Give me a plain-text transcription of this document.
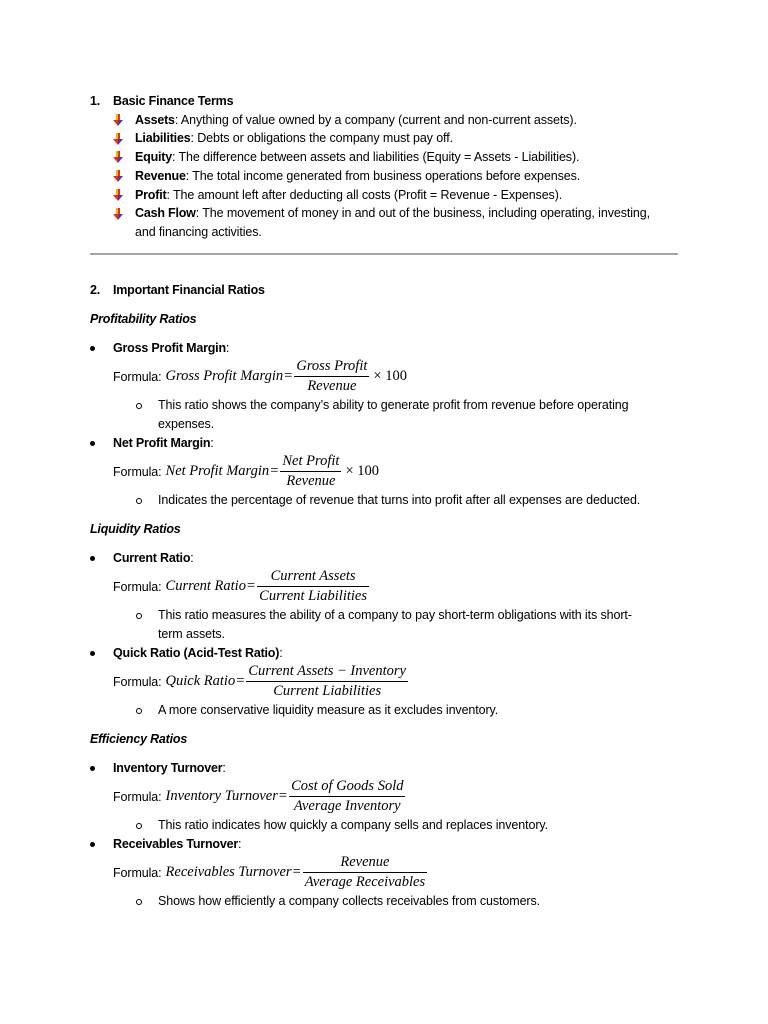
1. Basic Finance Terms
Assets: Anything of value owned by a company (current and non-current assets).
Liabilities: Debts or obligations the company must pay off.
Equity: The difference between assets and liabilities (Equity = Assets - Liabilities).
Revenue: The total income generated from business operations before expenses.
Profit: The amount left after deducting all costs (Profit = Revenue - Expenses).
Cash Flow: The movement of money in and out of the business, including operating, investing,
and financing activities.
2. Important Financial Ratios
Profitability Ratios
Gross Profit Margin:
Formula: Gross Profit Margin = $\frac{\text{Gross Profit}}{\text{Revenue}} \times 100$
This ratio shows the company’s ability to generate profit from revenue before operating
expenses.
Net Profit Margin:
Formula: Net Profit Margin = $\frac{\text{Net Profit}}{\text{Revenue}} \times 100$
Indicates the percentage of revenue that turns into profit after all expenses are deducted.
Liquidity Ratios
Current Ratio:
Formula: Current Ratio = $\frac{\text{Current Assets}}{\text{Current Liabilities}}$
This ratio measures the ability of a company to pay short-term obligations with its short-
term assets.
Quick Ratio (Acid-Test Ratio):
Formula: Quick Ratio = $\frac{\text{Current Assets − Inventory}}{\text{Current Liabilities}}$
A more conservative liquidity measure as it excludes inventory.
Efficiency Ratios
Inventory Turnover:
Formula: Inventory Turnover = $\frac{\text{Cost of Goods Sold}}{\text{Average Inventory}}$
This ratio indicates how quickly a company sells and replaces inventory.
Receivables Turnover:
Formula: Receivables Turnover = $\frac{\text{Revenue}}{\text{Average Receivables}}$
Shows how efficiently a company collects receivables from customers.
